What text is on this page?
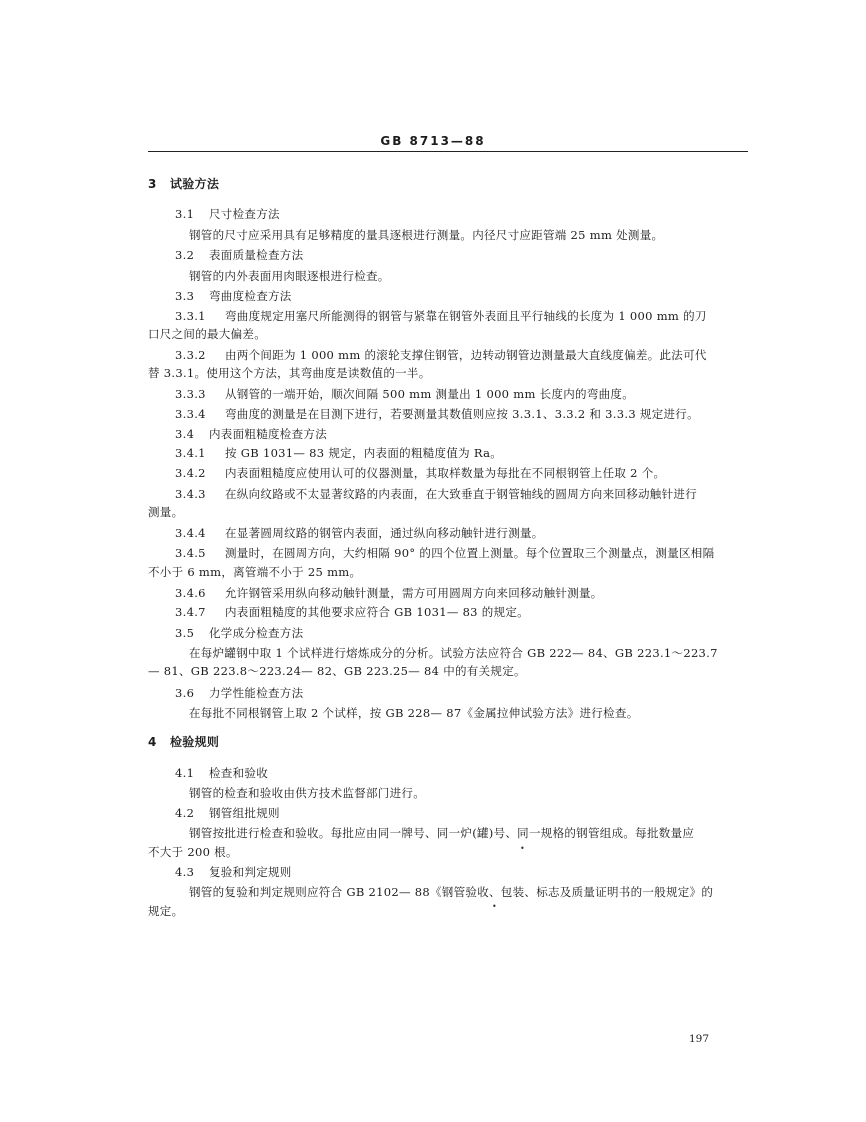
GB 8713—88
3 试验方法
3.1 尺寸检查方法
钢管的尺寸应采用具有足够精度的量具逐根进行测量。内径尺寸应距管端 25 mm 处测量。
3.2 表面质量检查方法
钢管的内外表面用肉眼逐根进行检查。
3.3 弯曲度检查方法
3.3.1 弯曲度规定用塞尺所能测得的钢管与紧靠在钢管外表面且平行轴线的长度为 1 000 mm 的刀
口尺之间的最大偏差。
3.3.2 由两个间距为 1 000 mm 的滚轮支撑住钢管，边转动钢管边测量最大直线度偏差。此法可代
替 3.3.1。使用这个方法，其弯曲度是读数值的一半。
3.3.3 从钢管的一端开始，顺次间隔 500 mm 测量出 1 000 mm 长度内的弯曲度。
3.3.4 弯曲度的测量是在目测下进行，若要测量其数值则应按 3.3.1、3.3.2 和 3.3.3 规定进行。
3.4 内表面粗糙度检查方法
3.4.1 按 GB 1031— 83 规定，内表面的粗糙度值为 Ra。
3.4.2 内表面粗糙度应使用认可的仪器测量，其取样数量为每批在不同根钢管上任取 2 个。
3.4.3 在纵向纹路或不太显著纹路的内表面，在大致垂直于钢管轴线的圆周方向来回移动触针进行
测量。
3.4.4 在显著圆周纹路的钢管内表面，通过纵向移动触针进行测量。
3.4.5 测量时，在圆周方向，大约相隔 90° 的四个位置上测量。每个位置取三个测量点，测量区相隔
不小于 6 mm，离管端不小于 25 mm。
3.4.6 允许钢管采用纵向移动触针测量，需方可用圆周方向来回移动触针测量。
3.4.7 内表面粗糙度的其他要求应符合 GB 1031— 83 的规定。
3.5 化学成分检查方法
在每炉罐钢中取 1 个试样进行熔炼成分的分析。试验方法应符合 GB 222— 84、GB 223.1～223.7
— 81、GB 223.8～223.24— 82、GB 223.25— 84 中的有关规定。
3.6 力学性能检查方法
在每批不同根钢管上取 2 个试样，按 GB 228— 87《金属拉伸试验方法》进行检查。
4 检验规则
4.1 检查和验收
钢管的检查和验收由供方技术监督部门进行。
4.2 钢管组批规则
钢管按批进行检查和验收。每批应由同一牌号、同一炉(罐)号、同一规格的钢管组成。每批数量应
不大于 200 根。
4.3 复验和判定规则
钢管的复验和判定规则应符合 GB 2102— 88《钢管验收、包装、标志及质量证明书的一般规定》的
规定。
•
•
197
